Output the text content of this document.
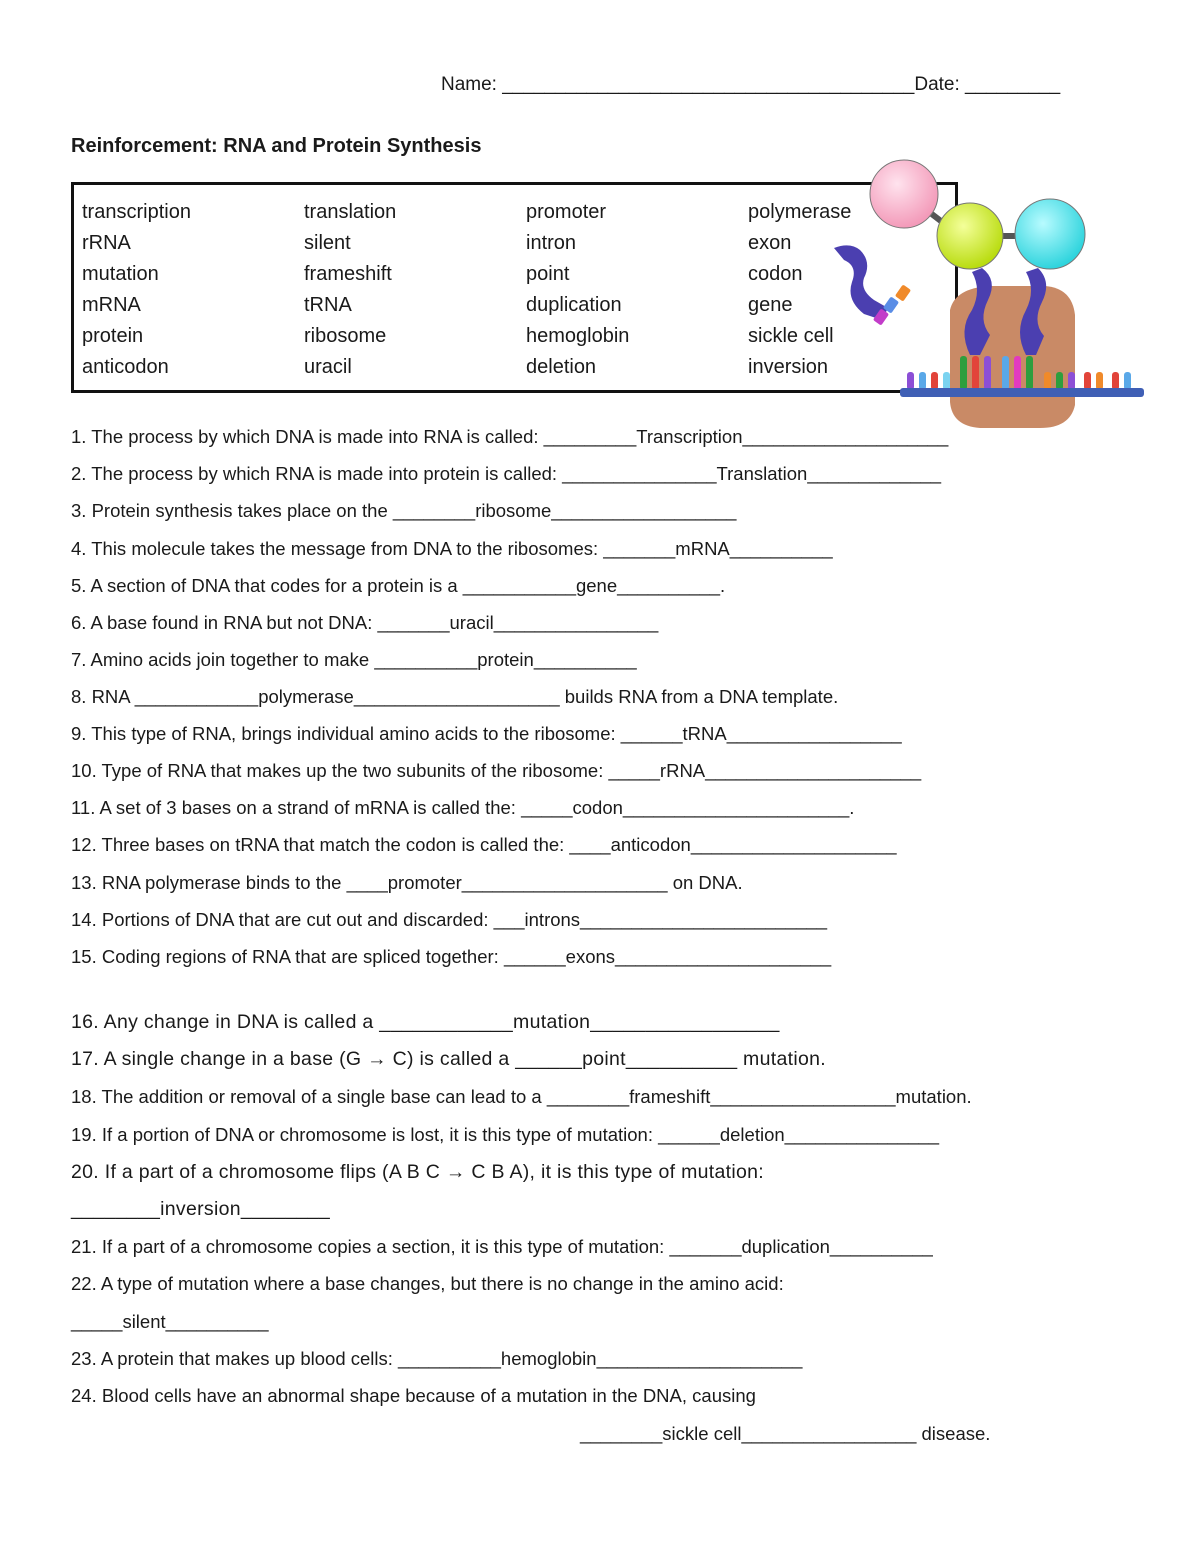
Name: _______________________________________Date: _________
Reinforcement: RNA and Protein Synthesis
transcription
rRNA
mutation
mRNA
protein
anticodon
translation
silent
frameshift
tRNA
ribosome
uracil
promoter
intron
point
duplication
hemoglobin
deletion
polymerase
exon
codon
gene
sickle cell
inversion
1. The process by which DNA is made into RNA is called: _________Transcription____________________
2. The process by which RNA is made into protein is called: _______________Translation_____________
3. Protein synthesis takes place on the ________ribosome__________________
4. This molecule takes the message from DNA to the ribosomes: _______mRNA__________
5. A section of DNA that codes for a protein is a ___________gene__________.
6. A base found in RNA but not DNA: _______uracil________________
7. Amino acids join together to make __________protein__________
8. RNA ____________polymerase____________________ builds RNA from a DNA template.
9. This type of RNA, brings individual amino acids to the ribosome: ______tRNA_________________
10. Type of RNA that makes up the two subunits of the ribosome: _____rRNA_____________________
11. A set of 3 bases on a strand of mRNA is called the: _____codon______________________.
12. Three bases on tRNA that match the codon is called the: ____anticodon____________________
13. RNA polymerase binds to the ____promoter____________________ on DNA.
14. Portions of DNA that are cut out and discarded: ___introns________________________
15. Coding regions of RNA that are spliced together: ______exons_____________________
16. Any change in DNA is called a ____________mutation_________________
17. A single change in a base (G → C) is called a ______point__________ mutation.
18. The addition or removal of a single base can lead to a ________frameshift__________________mutation.
19. If a portion of DNA or chromosome is lost, it is this type of mutation: ______deletion_______________
20. If a part of a chromosome flips (A B C → C B A), it is this type of mutation:
________inversion________
21. If a part of a chromosome copies a section, it is this type of mutation: _______duplication__________
22. A type of mutation where a base changes, but there is no change in the amino acid:
_____silent__________
23. A protein that makes up blood cells: __________hemoglobin____________________
24. Blood cells have an abnormal shape because of a mutation in the DNA, causing
________sickle cell_________________ disease.
